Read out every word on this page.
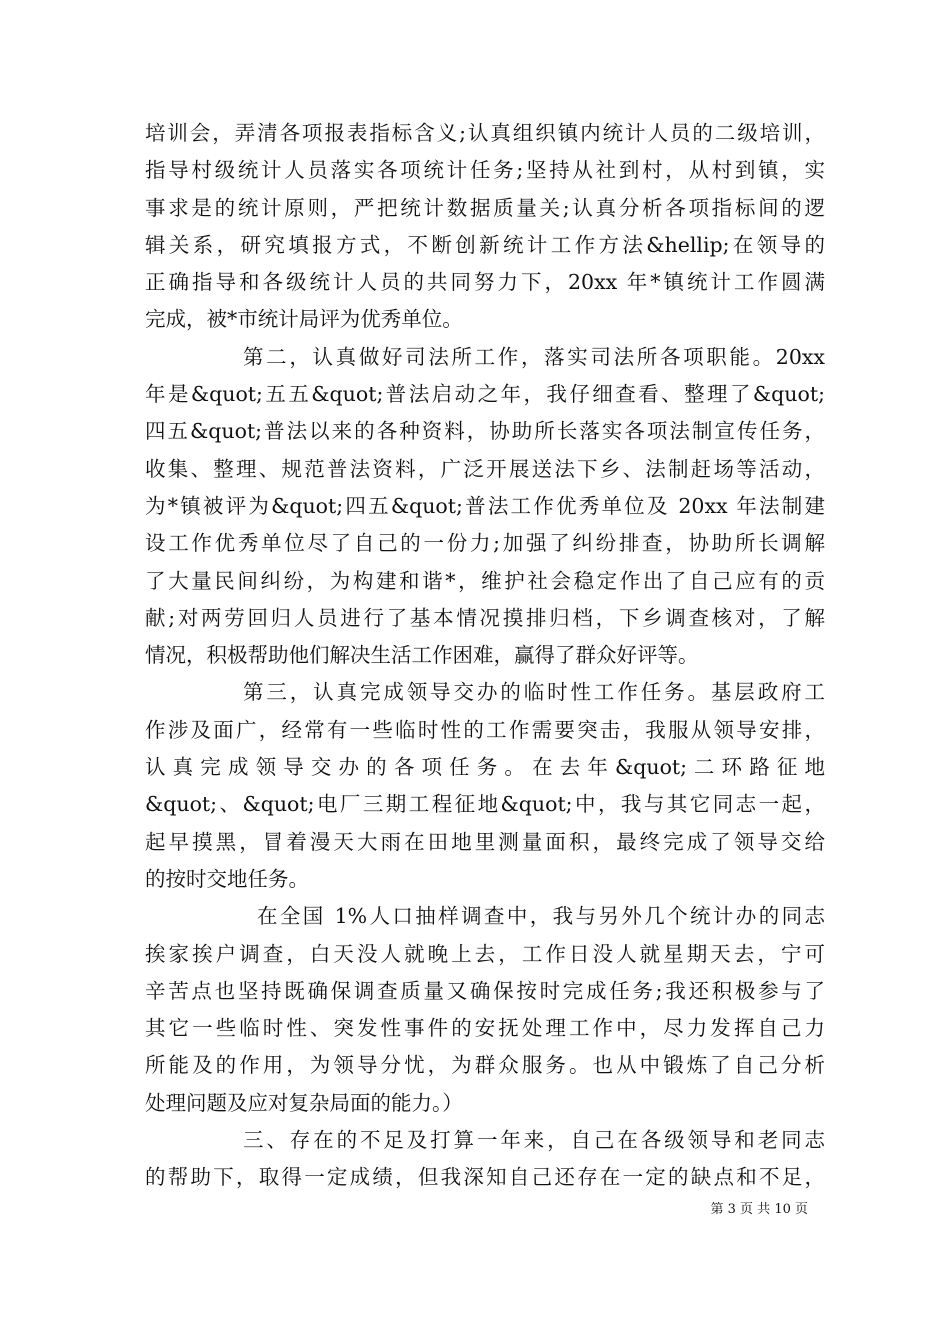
培训会，弄清各项报表指标含义;认真组织镇内统计人员的二级培训，
指导村级统计人员落实各项统计任务;坚持从社到村，从村到镇，实
事求是的统计原则，严把统计数据质量关;认真分析各项指标间的逻
辑关系，研究填报方式，不断创新统计工作方法&hellip;在领导的
正确指导和各级统计人员的共同努力下，20xx 年*镇统计工作圆满
完成，被*市统计局评为优秀单位。
第二，认真做好司法所工作，落实司法所各项职能。20xx
年是&quot;五五&quot;普法启动之年，我仔细查看、整理了&quot;
四五&quot;普法以来的各种资料，协助所长落实各项法制宣传任务，
收集、整理、规范普法资料，广泛开展送法下乡、法制赶场等活动，
为*镇被评为&quot;四五&quot;普法工作优秀单位及 20xx 年法制建
设工作优秀单位尽了自己的一份力;加强了纠纷排查，协助所长调解
了大量民间纠纷，为构建和谐*，维护社会稳定作出了自己应有的贡
献;对两劳回归人员进行了基本情况摸排归档，下乡调查核对，了解
情况，积极帮助他们解决生活工作困难，赢得了群众好评等。
第三，认真完成领导交办的临时性工作任务。基层政府工
作涉及面广，经常有一些临时性的工作需要突击，我服从领导安排，
认 真 完 成 领 导 交 办 的 各 项 任 务 。 在 去 年 &quot; 二 环 路 征 地
&quot;、&quot;电厂三期工程征地&quot;中，我与其它同志一起，
起早摸黑，冒着漫天大雨在田地里测量面积，最终完成了领导交给
的按时交地任务。
在全国 1%人口抽样调查中，我与另外几个统计办的同志
挨家挨户调查，白天没人就晚上去，工作日没人就星期天去，宁可
辛苦点也坚持既确保调查质量又确保按时完成任务;我还积极参与了
其它一些临时性、突发性事件的安抚处理工作中，尽力发挥自己力
所能及的作用，为领导分忧，为群众服务。也从中锻炼了自己分析
处理问题及应对复杂局面的能力。）
三、存在的不足及打算一年来，自己在各级领导和老同志
的帮助下，取得一定成绩，但我深知自己还存在一定的缺点和不足，
第 3 页 共 10 页
